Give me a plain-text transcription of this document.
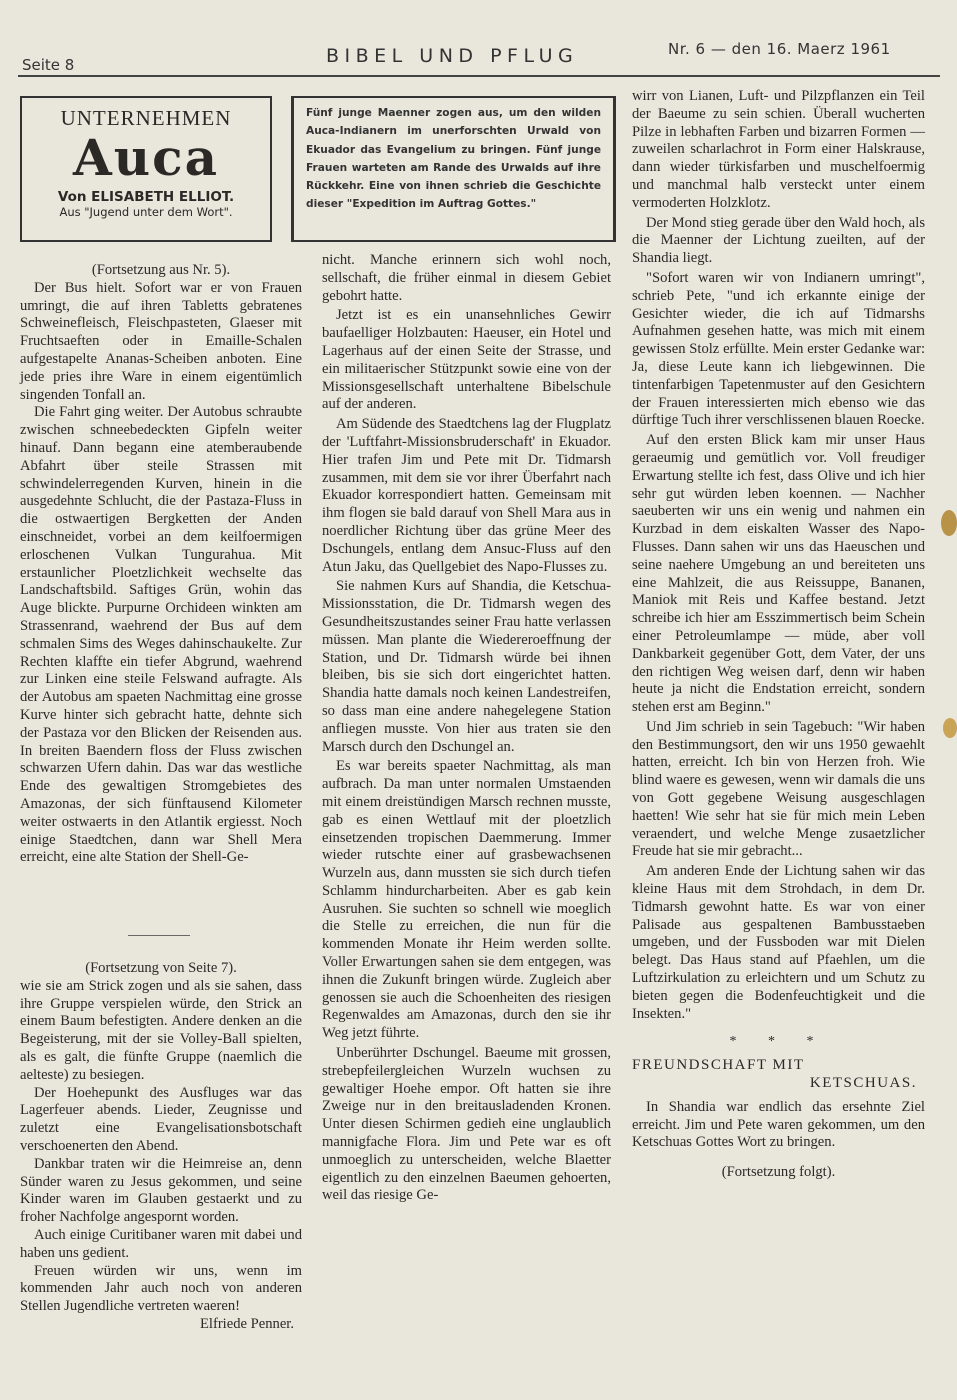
Seite 8	BIBEL UND PFLUG	Nr. 6 — den 16. Maerz 1961
UNTERNEHMEN
Auca
Von ELISABETH ELLIOT.
Aus "Jugend unter dem Wort".
Fünf junge Maenner zogen aus, um den wilden Auca-Indianern im unerforschten Urwald von Ekuador das Evangelium zu bringen. Fünf junge Frauen warteten am Rande des Urwalds auf ihre Rückkehr. Eine von ihnen schrieb die Geschichte dieser "Expedition im Auftrag Gottes."

(Fortsetzung aus Nr. 5).

Der Bus hielt. Sofort war er von Frauen umringt, die auf ihren Tabletts gebratenes Schweinefleisch, Fleischpasteten, Glaeser mit Fruchtsaeften oder in Emaille-Schalen aufgestapelte Ananas-Scheiben anboten. Eine jede pries ihre Ware in einem eigentümlich singenden Tonfall an.

Die Fahrt ging weiter. Der Autobus schraubte zwischen schneebedeckten Gipfeln weiter hinauf. Dann begann eine atemberaubende Abfahrt über steile Strassen mit schwindelerregenden Kurven, hinein in die ausgedehnte Schlucht, die der Pastaza-Fluss in die ostwaertigen Bergketten der Anden einschneidet, vorbei an dem keilfoermigen erloschenen Vulkan Tungurahua. Mit erstaunlicher Ploetzlichkeit wechselte das Landschaftsbild. Saftiges Grün, wohin das Auge blickte. Purpurne Orchideen winkten am Strassenrand, waehrend der Bus auf dem schmalen Sims des Weges dahinschaukelte. Zur Rechten klaffte ein tiefer Abgrund, waehrend zur Linken eine steile Felswand aufragte. Als der Autobus am spaeten Nachmittag eine grosse Kurve hinter sich gebracht hatte, dehnte sich der Pastaza vor den Blicken der Reisenden aus. In breiten Baendern floss der Fluss zwischen schwarzen Ufern dahin. Das war das westliche Ende des gewaltigen Stromgebietes des Amazonas, der sich fünftausend Kilometer weiter ostwaerts in den Atlantik ergiesst. Noch einige Staedtchen, dann war Shell Mera erreicht, eine alte Station der Shell-Ge-

(Fortsetzung von Seite 7).

wie sie am Strick zogen und als sie sahen, dass ihre Gruppe verspielen würde, den Strick an einem Baum befestigten. Andere denken an die Begeisterung, mit der sie Volley-Ball spielten, als es galt, die fünfte Gruppe (naemlich die aelteste) zu besiegen.

Der Hoehepunkt des Ausfluges war das Lagerfeuer abends. Lieder, Zeugnisse und zuletzt eine Evangelisationsbotschaft verschoenerten den Abend.

Dankbar traten wir die Heimreise an, denn Sünder waren zu Jesus gekommen, und seine Kinder waren im Glauben gestaerkt und zu froher Nachfolge angespornt worden.

Auch einige Curitibaner waren mit dabei und haben uns gedient.

Freuen würden wir uns, wenn im kommenden Jahr auch noch von anderen Stellen Jugendliche vertreten waeren!

Elfriede Penner.

nicht. Manche erinnern sich wohl noch, sellschaft, die früher einmal in diesem Gebiet gebohrt hatte.

Jetzt ist es ein unansehnliches Gewirr baufaelliger Holzbauten: Haeuser, ein Hotel und Lagerhaus auf der einen Seite der Strasse, und ein militaerischer Stützpunkt sowie eine von der Missionsgesellschaft unterhaltene Bibelschule auf der anderen.

Am Südende des Staedtchens lag der Flugplatz der 'Luftfahrt-Missionsbruderschaft' in Ekuador. Hier trafen Jim und Pete mit Dr. Tidmarsh zusammen, mit dem sie vor ihrer Überfahrt nach Ekuador korrespondiert hatten. Gemeinsam mit ihm flogen sie bald darauf von Shell Mara aus in noerdlicher Richtung über das grüne Meer des Dschungels, entlang dem Ansuc-Fluss auf den Atun Jaku, das Quellgebiet des Napo-Flusses zu.

Sie nahmen Kurs auf Shandia, die Ketschua-Missionsstation, die Dr. Tidmarsh wegen des Gesundheitszustandes seiner Frau hatte verlassen müssen. Man plante die Wiedereroeffnung der Station, und Dr. Tidmarsh würde bei ihnen bleiben, bis sie sich dort eingerichtet hatten. Shandia hatte damals noch keinen Landestreifen, so dass man eine andere nahegelegene Station anfliegen musste. Von hier aus traten sie den Marsch durch den Dschungel an.

Es war bereits spaeter Nachmittag, als man aufbrach. Da man unter normalen Umstaenden mit einem dreistündigen Marsch rechnen musste, gab es einen Wettlauf mit der ploetzlich einsetzenden tropischen Daemmerung. Immer wieder rutschte einer auf grasbewachsenen Wurzeln aus, dann mussten sie sich durch tiefen Schlamm hindurcharbeiten. Aber es gab kein Ausruhen. Sie suchten so schnell wie moeglich die Stelle zu erreichen, die nun für die kommenden Monate ihr Heim werden sollte. Voller Erwartungen sahen sie dem entgegen, was ihnen die Zukunft bringen würde. Zugleich aber genossen sie auch die Schoenheiten des riesigen Regenwaldes am Amazonas, durch den sie ihr Weg jetzt führte.

Unberührter Dschungel. Baeume mit grossen, strebepfeilergleichen Wurzeln wuchsen zu gewaltiger Hoehe empor. Oft hatten sie ihre Zweige nur in den breitausladenden Kronen. Unter diesen Schirmen gedieh eine unglaublich mannigfache Flora. Jim und Pete war es oft unmoeglich zu unterscheiden, welche Blaetter eigentlich zu den einzelnen Baeumen gehoerten, weil das riesige Ge-

wirr von Lianen, Luft- und Pilzpflanzen ein Teil der Baeume zu sein schien. Überall wucherten Pilze in lebhaften Farben und bizarren Formen — zuweilen scharlachrot in Form einer Halskrause, dann wieder türkisfarben und muschelfoermig und manchmal halb versteckt unter einem vermoderten Holzklotz.

Der Mond stieg gerade über den Wald hoch, als die Maenner der Lichtung zueilten, auf der Shandia liegt.

"Sofort waren wir von Indianern umringt", schrieb Pete, "und ich erkannte einige der Gesichter wieder, die ich auf Tidmarshs Aufnahmen gesehen hatte, was mich mit einem gewissen Stolz erfüllte. Mein erster Gedanke war: Ja, diese Leute kann ich liebgewinnen. Die tintenfarbigen Tapetenmuster auf den Gesichtern der Frauen interessierten mich ebenso wie das dürftige Tuch ihrer verschlissenen blauen Roecke.

Auf den ersten Blick kam mir unser Haus geraeumig und gemütlich vor. Voll freudiger Erwartung stellte ich fest, dass Olive und ich hier sehr gut würden leben koennen. — Nachher saeuberten wir uns ein wenig und nahmen ein Kurzbad in dem eiskalten Wasser des Napo-Flusses. Dann sahen wir uns das Haeuschen und seine naehere Umgebung an und bereiteten uns eine Mahlzeit, die aus Reissuppe, Bananen, Maniok mit Reis und Kaffee bestand. Jetzt schreibe ich hier am Esszimmertisch beim Schein einer Petroleumlampe — müde, aber voll Dankbarkeit gegenüber Gott, dem Vater, der uns den richtigen Weg weisen darf, denn wir haben heute ja nicht die Endstation erreicht, sondern stehen erst am Beginn."

Und Jim schrieb in sein Tagebuch: "Wir haben den Bestimmungsort, den wir uns 1950 gewaehlt hatten, erreicht. Ich bin von Herzen froh. Wie blind waere es gewesen, wenn wir damals die uns von Gott gegebene Weisung ausgeschlagen haetten! Wie sehr hat sie für mich mein Leben veraendert, und welche Menge zusaetzlicher Freude hat sie mir gebracht...

Am anderen Ende der Lichtung sahen wir das kleine Haus mit dem Strohdach, in dem Dr. Tidmarsh gewohnt hatte. Es war von einer Palisade aus gespaltenen Bambusstaeben umgeben, und der Fussboden war mit Dielen belegt. Das Haus stand auf Pfaehlen, um die Luftzirkulation zu erleichtern und um Schutz zu bieten gegen die Bodenfeuchtigkeit und die Insekten."

* * *
FREUNDSCHAFT MIT
KETSCHUAS.

In Shandia war endlich das ersehnte Ziel erreicht. Jim und Pete waren gekommen, um den Ketschuas Gottes Wort zu bringen.

(Fortsetzung folgt).
